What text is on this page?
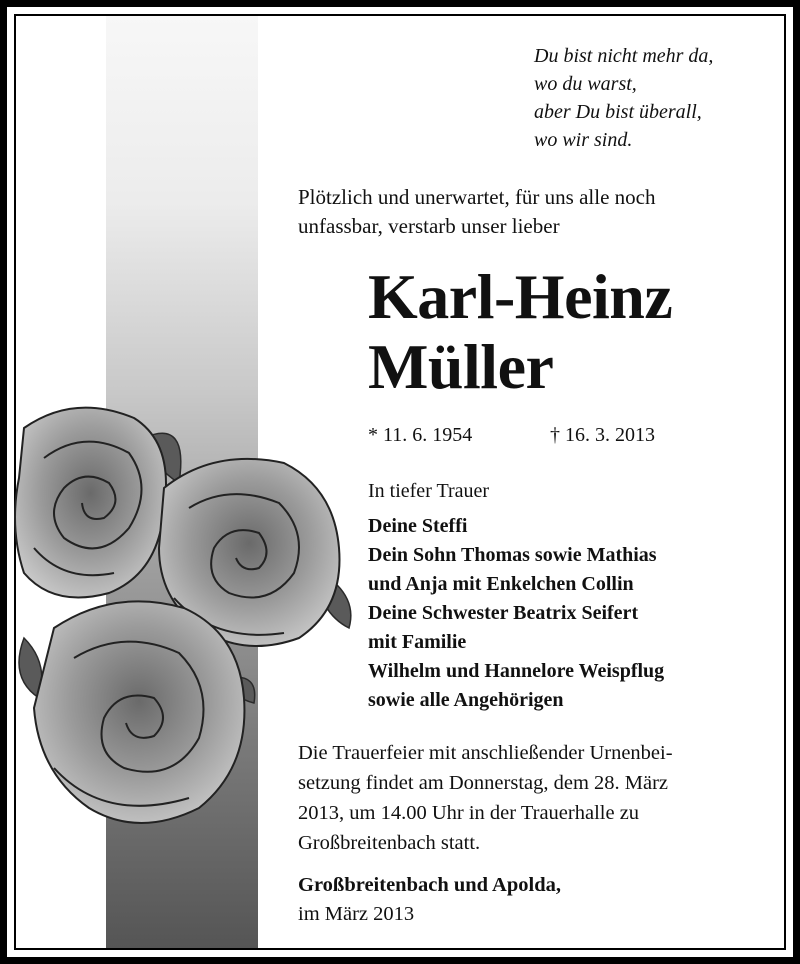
Du bist nicht mehr da,
wo du warst,
aber Du bist überall,
wo wir sind.
Plötzlich und unerwartet, für uns alle noch
unfassbar, verstarb unser lieber
Karl-Heinz
Müller
* 11. 6. 1954	† 16. 3. 2013
In tiefer Trauer
Deine Steffi
Dein Sohn Thomas sowie Mathias
und Anja mit Enkelchen Collin
Deine Schwester Beatrix Seifert
mit Familie
Wilhelm und Hannelore Weispflug
sowie alle Angehörigen
Die Trauerfeier mit anschließender Urnenbei-
setzung findet am Donnerstag, dem 28. März
2013, um 14.00 Uhr in der Trauerhalle zu
Großbreitenbach statt.
Großbreitenbach und Apolda,
im März 2013
